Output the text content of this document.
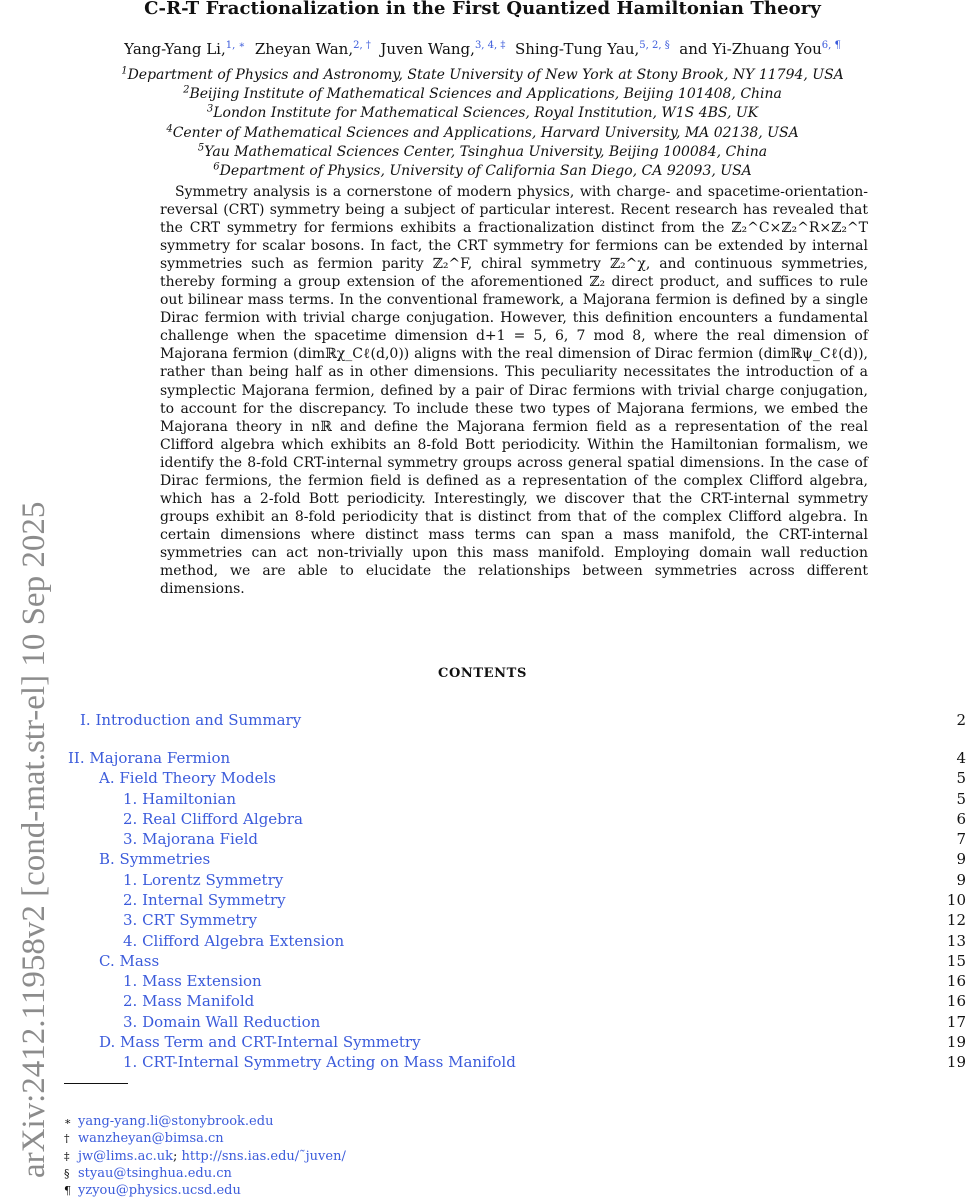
arXiv:2412.11958v2 [cond-mat.str-el] 10 Sep 2025
C-R-T Fractionalization in the First Quantized Hamiltonian Theory
Yang-Yang Li,$^{1, ∗}$ Zheyan Wan,$^{2, \dagger}$ Juven Wang,$^{3, 4, \ddagger}$ Shing-Tung Yau,$^{5, 2, \S}$ and Yi-Zhuang You$^{6, \P}$
$^1$Department of Physics and Astronomy, State University of New York at Stony Brook, NY 11794, USA
$^2$Beijing Institute of Mathematical Sciences and Applications, Beijing 101408, China
$^3$London Institute for Mathematical Sciences, Royal Institution, W1S 4BS, UK
$^4$Center of Mathematical Sciences and Applications, Harvard University, MA 02138, USA
$^5$Yau Mathematical Sciences Center, Tsinghua University, Beijing 100084, China
$^6$Department of Physics, University of California San Diego, CA 92093, USA

Symmetry analysis is a cornerstone of modern physics, with charge- and spacetime-orientation-reversal (CRT) symmetry being a subject of particular interest. Recent research has revealed that the CRT symmetry for fermions exhibits a fractionalization distinct from the ℤ₂^C×ℤ₂^R×ℤ₂^T symmetry for scalar bosons. In fact, the CRT symmetry for fermions can be extended by internal symmetries such as fermion parity ℤ₂^F, chiral symmetry ℤ₂^χ, and continuous symmetries, thereby forming a group extension of the aforementioned ℤ₂ direct product, and suffices to rule out bilinear mass terms. In the conventional framework, a Majorana fermion is defined by a single Dirac fermion with trivial charge conjugation. However, this definition encounters a fundamental challenge when the spacetime dimension d+1 = 5, 6, 7 mod 8, where the real dimension of Majorana fermion (dimℝχ_Cℓ(d,0)) aligns with the real dimension of Dirac fermion (dimℝψ_Cℓ(d)), rather than being half as in other dimensions. This peculiarity necessitates the introduction of a symplectic Majorana fermion, defined by a pair of Dirac fermions with trivial charge conjugation, to account for the discrepancy. To include these two types of Majorana fermions, we embed the Majorana theory in nℝ and define the Majorana fermion field as a representation of the real Clifford algebra which exhibits an 8-fold Bott periodicity. Within the Hamiltonian formalism, we identify the 8-fold CRT-internal symmetry groups across general spatial dimensions. In the case of Dirac fermions, the fermion field is defined as a representation of the complex Clifford algebra, which has a 2-fold Bott periodicity. Interestingly, we discover that the CRT-internal symmetry groups exhibit an 8-fold periodicity that is distinct from that of the complex Clifford algebra. In certain dimensions where distinct mass terms can span a mass manifold, the CRT-internal symmetries can act non-trivially upon this mass manifold. Employing domain wall reduction method, we are able to elucidate the relationships between symmetries across different dimensions.

CONTENTS
I. Introduction and Summary	2
II. Majorana Fermion	4
A. Field Theory Models	5
1. Hamiltonian	5
2. Real Clifford Algebra	6
3. Majorana Field	7
B. Symmetries	9
1. Lorentz Symmetry	9
2. Internal Symmetry	10
3. CRT Symmetry	12
4. Clifford Algebra Extension	13
C. Mass	15
1. Mass Extension	16
2. Mass Manifold	16
3. Domain Wall Reduction	17
D. Mass Term and CRT-Internal Symmetry	19
1. CRT-Internal Symmetry Acting on Mass Manifold	19
∗ yang-yang.li@stonybrook.edu
† wanzheyan@bimsa.cn
‡ jw@lims.ac.uk; http://sns.ias.edu/˜juven/
§ styau@tsinghua.edu.cn
¶ yzyou@physics.ucsd.edu
